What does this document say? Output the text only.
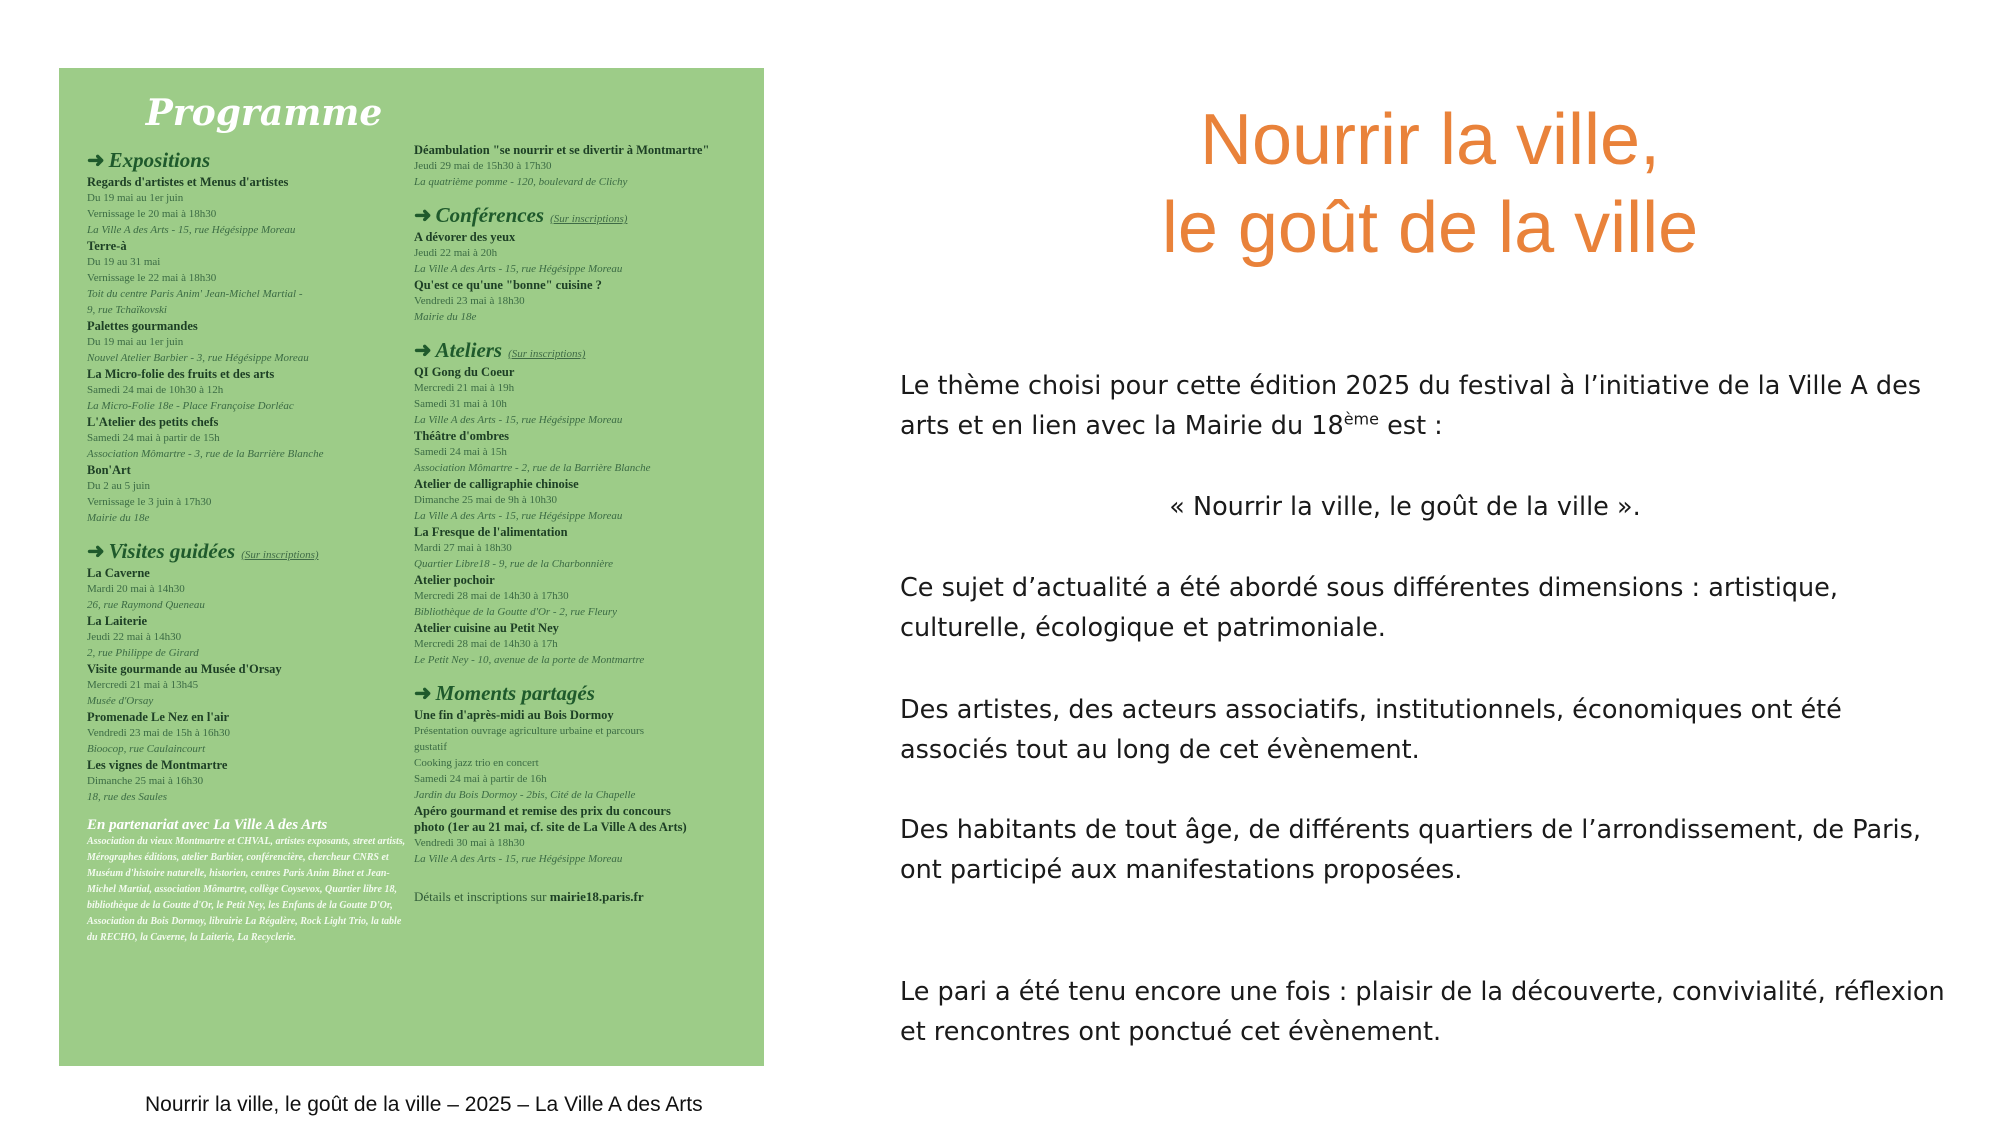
Programme
➜ Expositions
Regards d'artistes et Menus d'artistes
Du 19 mai au 1er juin
Vernissage le 20 mai à 18h30
La Ville A des Arts - 15, rue Hégésippe Moreau
Terre-à
Du 19 au 31 mai
Vernissage le 22 mai à 18h30
Toit du centre Paris Anim' Jean-Michel Martial -
9, rue Tchaïkovski
Palettes gourmandes
Du 19 mai au 1er juin
Nouvel Atelier Barbier - 3, rue Hégésippe Moreau
La Micro-folie des fruits et des arts
Samedi 24 mai de 10h30 à 12h
La Micro-Folie 18e - Place Françoise Dorléac
L'Atelier des petits chefs
Samedi 24 mai à partir de 15h
Association Mômartre - 3, rue de la Barrière Blanche
Bon'Art
Du 2 au 5 juin
Vernissage le 3 juin à 17h30
Mairie du 18e
➜ Visites guidées (Sur inscriptions)
La Caverne
Mardi 20 mai à 14h30
26, rue Raymond Queneau
La Laiterie
Jeudi 22 mai à 14h30
2, rue Philippe de Girard
Visite gourmande au Musée d'Orsay
Mercredi 21 mai à 13h45
Musée d'Orsay
Promenade Le Nez en l'air
Vendredi 23 mai de 15h à 16h30
Bioocop, rue Caulaincourt
Les vignes de Montmartre
Dimanche 25 mai à 16h30
18, rue des Saules
En partenariat avec La Ville A des Arts
Association du vieux Montmartre et CHVAL, artistes exposants, street artists, Mérographes éditions, atelier Barbier, conférencière, chercheur CNRS et Muséum d'histoire naturelle, historien, centres Paris Anim Binet et Jean-Michel Martial, association Mômartre, collège Coysevox, Quartier libre 18, bibliothèque de la Goutte d'Or, le Petit Ney, les Enfants de la Goutte D'Or, Association du Bois Dormoy, librairie La Régalère, Rock Light Trio, la table du RECHO, la Caverne, la Laiterie, La Recyclerie.
Déambulation "se nourrir et se divertir à Montmartre"
Jeudi 29 mai de 15h30 à 17h30
La quatrième pomme - 120, boulevard de Clichy
➜ Conférences (Sur inscriptions)
A dévorer des yeux
Jeudi 22 mai à 20h
La Ville A des Arts - 15, rue Hégésippe Moreau
Qu'est ce qu'une "bonne" cuisine ?
Vendredi 23 mai à 18h30
Mairie du 18e
➜ Ateliers (Sur inscriptions)
QI Gong du Coeur
Mercredi 21 mai à 19h
Samedi 31 mai à 10h
La Ville A des Arts - 15, rue Hégésippe Moreau
Théâtre d'ombres
Samedi 24 mai à 15h
Association Mômartre - 2, rue de la Barrière Blanche
Atelier de calligraphie chinoise
Dimanche 25 mai de 9h à 10h30
La Ville A des Arts - 15, rue Hégésippe Moreau
La Fresque de l'alimentation
Mardi 27 mai à 18h30
Quartier Libre18 - 9, rue de la Charbonnière
Atelier pochoir
Mercredi 28 mai de 14h30 à 17h30
Bibliothèque de la Goutte d'Or - 2, rue Fleury
Atelier cuisine au Petit Ney
Mercredi 28 mai de 14h30 à 17h
Le Petit Ney - 10, avenue de la porte de Montmartre
➜ Moments partagés
Une fin d'après-midi au Bois Dormoy
Présentation ouvrage agriculture urbaine et parcours
gustatif
Cooking jazz trio en concert
Samedi 24 mai à partir de 16h
Jardin du Bois Dormoy - 2bis, Cité de la Chapelle
Apéro gourmand et remise des prix du concours
photo (1er au 21 mai, cf. site de La Ville A des Arts)
Vendredi 30 mai à 18h30
La Ville A des Arts - 15, rue Hégésippe Moreau
Détails et inscriptions sur mairie18.paris.fr
Nourrir la ville, le goût de la ville – 2025 – La Ville A des Arts
Nourrir la ville,
le goût de la ville
Le thème choisi pour cette édition 2025 du festival à l’initiative de la Ville A des arts et en lien avec la Mairie du 18ème est :
« Nourrir la ville, le goût de la ville ».
Ce sujet d’actualité a été abordé sous différentes dimensions : artistique, culturelle, écologique et patrimoniale.
Des artistes, des acteurs associatifs, institutionnels, économiques ont été associés tout au long de cet évènement.
Des habitants de tout âge, de différents quartiers de l’arrondissement, de Paris, ont participé aux manifestations proposées.
Le pari a été tenu encore une fois : plaisir de la découverte, convivialité, réflexion et rencontres ont ponctué cet évènement.
